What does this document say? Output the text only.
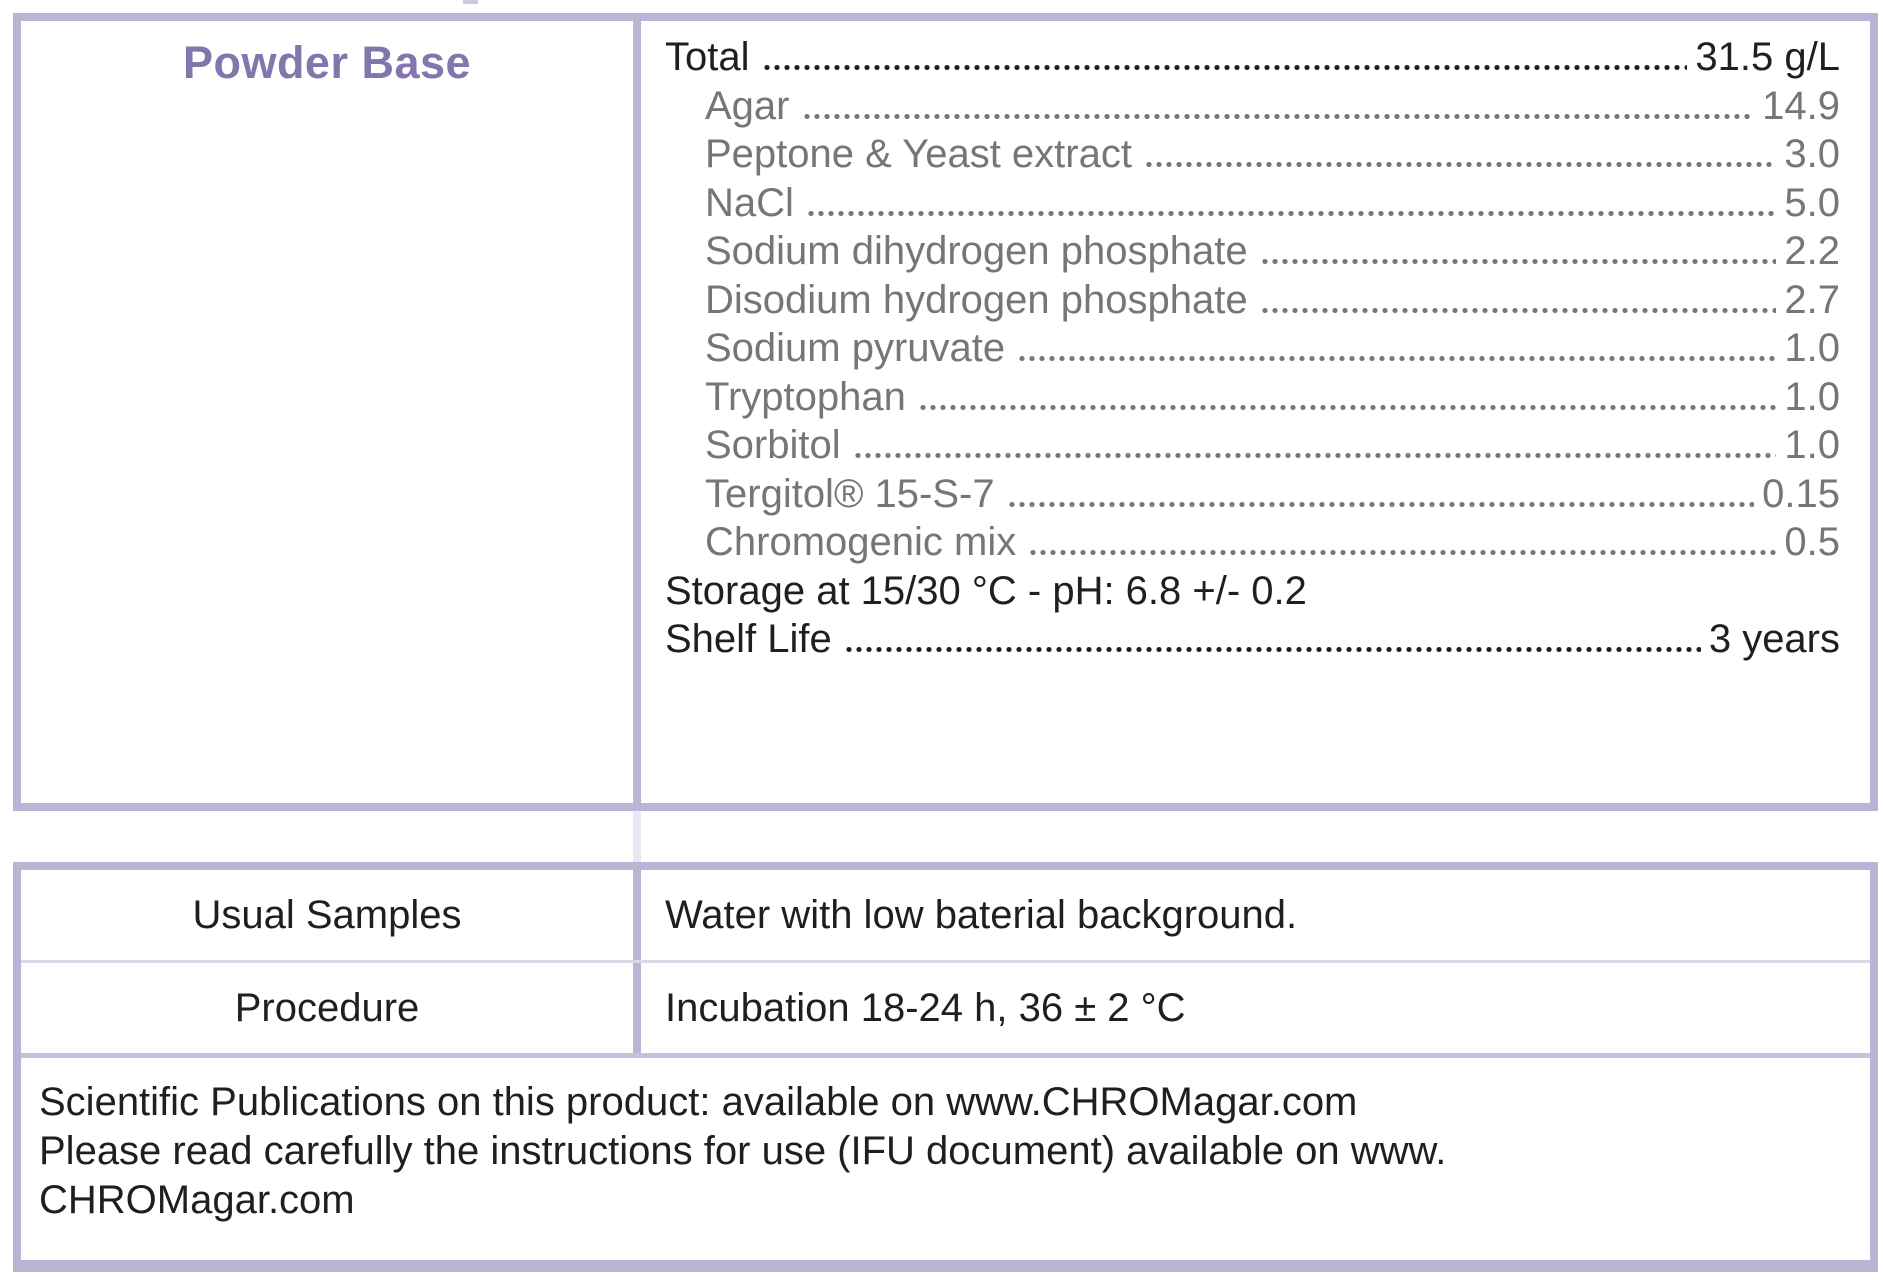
Powder Base	Total	31.5 g/L
Agar	14.9
Peptone & Yeast extract	3.0
NaCl	5.0
Sodium dihydrogen phosphate	2.2
Disodium hydrogen phosphate	2.7
Sodium pyruvate	1.0
Tryptophan	1.0
Sorbitol	1.0
Tergitol® 15-S-7	0.15
Chromogenic mix	0.5
Storage at 15/30 °C - pH: 6.8 +/- 0.2
Shelf Life	3 years
Usual Samples	Water with low baterial background.
Procedure	Incubation 18-24 h, 36 ± 2 °C
Scientific Publications on this product: available on www.CHROMagar.com
Please read carefully the instructions for use (IFU document) available on www.
CHROMagar.com
